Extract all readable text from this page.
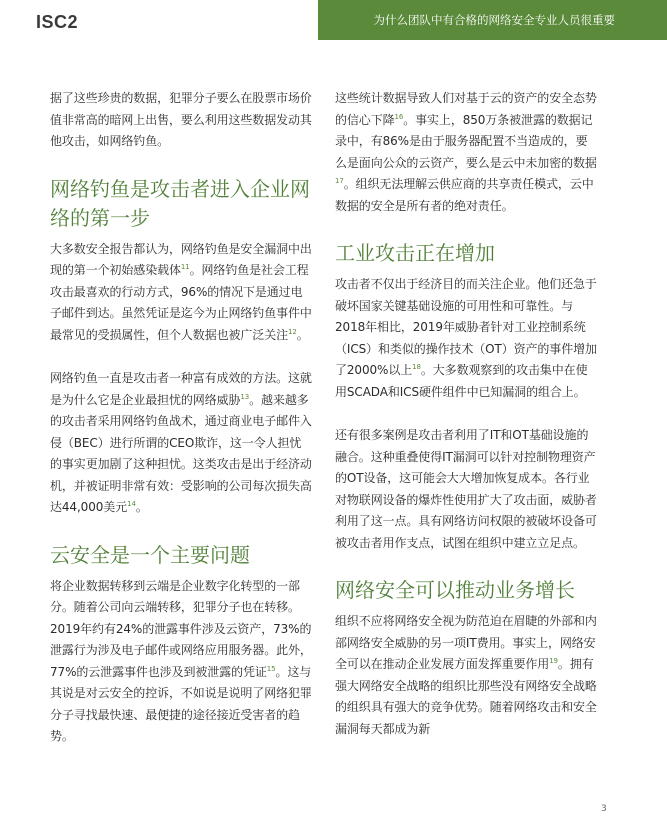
ISC2	为什么团队中有合格的网络安全专业人员很重要

据了这些珍贵的数据，犯罪分子要么在股票市场价值非常高的暗网上出售，要么利用这些数据发动其他攻击，如网络钓鱼。

网络钓鱼是攻击者进入企业网络的第一步

大多数安全报告都认为，网络钓鱼是安全漏洞中出现的第一个初始感染载体$^{11}$。网络钓鱼是社会工程攻击最喜欢的行动方式，96%的情况下是通过电子邮件到达。虽然凭证是迄今为止网络钓鱼事件中最常见的受损属性，但个人数据也被广泛关注$^{12}$。

网络钓鱼一直是攻击者一种富有成效的方法。这就是为什么它是企业最担忧的网络威胁$^{13}$。越来越多的攻击者采用网络钓鱼战术，通过商业电子邮件入侵（BEC）进行所谓的CEO欺诈，这一令人担忧的事实更加剧了这种担忧。这类攻击是出于经济动机，并被证明非常有效：受影响的公司每次损失高达44,000美元$^{14}$。

云安全是一个主要问题

将企业数据转移到云端是企业数字化转型的一部分。随着公司向云端转移，犯罪分子也在转移。2019年约有24%的泄露事件涉及云资产，73%的泄露行为涉及电子邮件或网络应用服务器。此外，77%的云泄露事件也涉及到被泄露的凭证$^{15}$。这与其说是对云安全的控诉，不如说是说明了网络犯罪分子寻找最快速、最便捷的途径接近受害者的趋势。

这些统计数据导致人们对基于云的资产的安全态势的信心下降$^{16}$。事实上，850万条被泄露的数据记录中，有86%是由于服务器配置不当造成的，要么是面向公众的云资产，要么是云中未加密的数据$^{17}$。组织无法理解云供应商的共享责任模式，云中数据的安全是所有者的绝对责任。

工业攻击正在增加

攻击者不仅出于经济目的而关注企业。他们还急于破坏国家关键基础设施的可用性和可靠性。与2018年相比，2019年威胁者针对工业控制系统（ICS）和类似的操作技术（OT）资产的事件增加了2000%以上$^{18}$。大多数观察到的攻击集中在使用SCADA和ICS硬件组件中已知漏洞的组合上。

还有很多案例是攻击者利用了IT和OT基础设施的融合。这种重叠使得IT漏洞可以针对控制物理资产的OT设备，这可能会大大增加恢复成本。各行业对物联网设备的爆炸性使用扩大了攻击面，威胁者利用了这一点。具有网络访问权限的被破坏设备可被攻击者用作支点，试图在组织中建立立足点。

网络安全可以推动业务增长

组织不应将网络安全视为防范迫在眉睫的外部和内部网络安全威胁的另一项IT费用。事实上，网络安全可以在推动企业发展方面发挥重要作用$^{19}$。拥有强大网络安全战略的组织比那些没有网络安全战略的组织具有强大的竞争优势。随着网络攻击和安全漏洞每天都成为新

3
